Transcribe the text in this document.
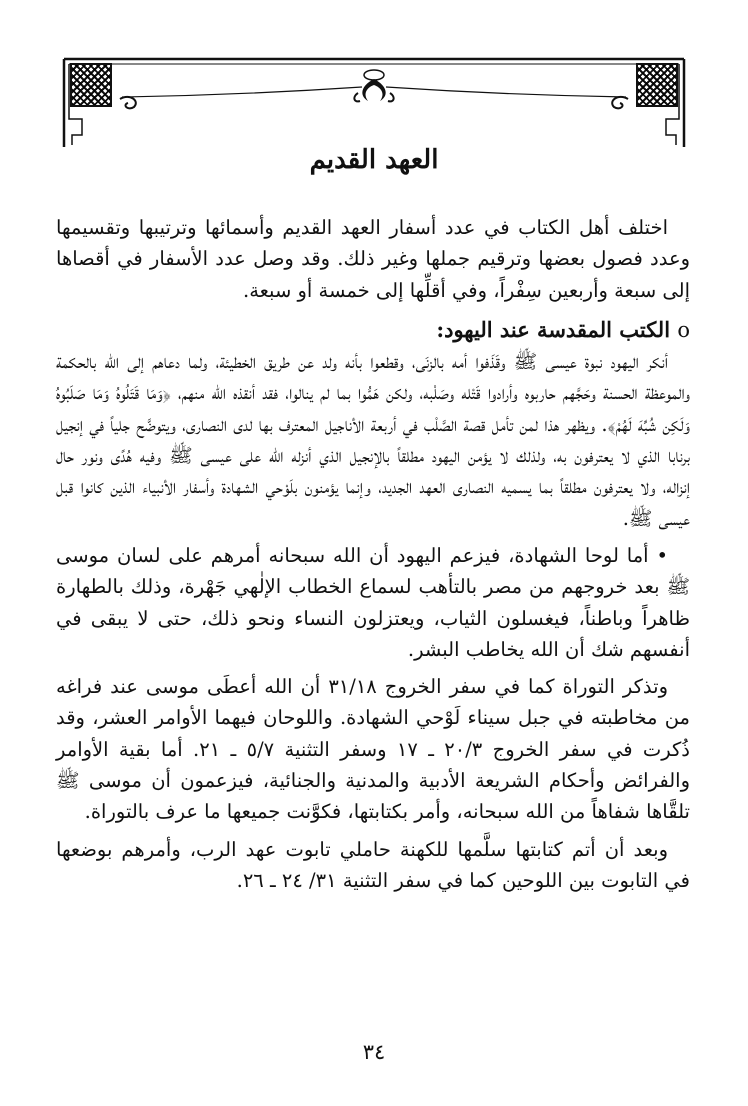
العهد القديم

اختلف أهل الكتاب في عدد أسفار العهد القديم وأسمائها وترتيبها وتقسيمها وعدد فصول بعضها وترقيم جملها وغير ذلك. وقد وصل عدد الأسفار في أقصاها إلى سبعة وأربعين سِفْراً، وفي أقلِّها إلى خمسة أو سبعة.

ᴏ الكتب المقدسة عند اليهود:

أنكر اليهود نبوة عيسى ﷺ وقَذَفوا أمه بالزنَى، وقطعوا بأنه ولد عن طريق الخطيئة، ولما دعاهم إلى الله بالحكمة والموعظة الحسنة وحَجَّهم حاربوه وأرادوا قَتْله وصَلْبه، ولكن هَمُّوا بما لم ينالوا، فقد أنقذه الله منهم، ﴿وَمَا قَتَلُوهُ وَمَا صَلَبُوهُ وَلَكِن شُبِّهَ لَهُمْ﴾. ويظهر هذا لمن تأمل قصة الصَّلْب في أربعة الأناجيل المعترف بها لدى النصارى، ويتوضَّح جلياً في إنجيل برنابا الذي لا يعترفون به، ولذلك لا يؤمن اليهود مطلقاً بالإنجيل الذي أنزله الله على عيسى ﷺ وفيه هُدًى ونور حال إنزاله، ولا يعترفون مطلقاً بما يسميه النصارى العهد الجديد، وإنما يؤمنون بلَوْحي الشهادة وأسفار الأنبياء الذين كانوا قبل عيسى ﷺ.

• أما لوحا الشهادة، فيزعم اليهود أن الله سبحانه أمرهم على لسان موسى ﷺ بعد خروجهم من مصر بالتأهب لسماع الخطاب الإلٰهي جَهْرة، وذلك بالطهارة ظاهراً وباطناً، فيغسلون الثياب، ويعتزلون النساء ونحو ذلك، حتى لا يبقى في أنفسهم شك أن الله يخاطب البشر.

وتذكر التوراة كما في سفر الخروج ٣١/١٨ أن الله أعطَى موسى عند فراغه من مخاطبته في جبل سيناء لَوْحي الشهادة. واللوحان فيهما الأوامر العشر، وقد ذُكرت في سفر الخروج ٢٠/٣ ـ ١٧ وسفر التثنية ٥/٧ ـ ٢١. أما بقية الأوامر والفرائض وأحكام الشريعة الأدبية والمدنية والجنائية، فيزعمون أن موسى ﷺ تلقَّاها شفاهاً من الله سبحانه، وأمر بكتابتها، فكوَّنت جميعها ما عرف بالتوراة.

وبعد أن أتم كتابتها سلَّمها للكهنة حاملي تابوت عهد الرب، وأمرهم بوضعها في التابوت بين اللوحين كما في سفر التثنية ٣١/ ٢٤ ـ ٢٦.

٣٤
